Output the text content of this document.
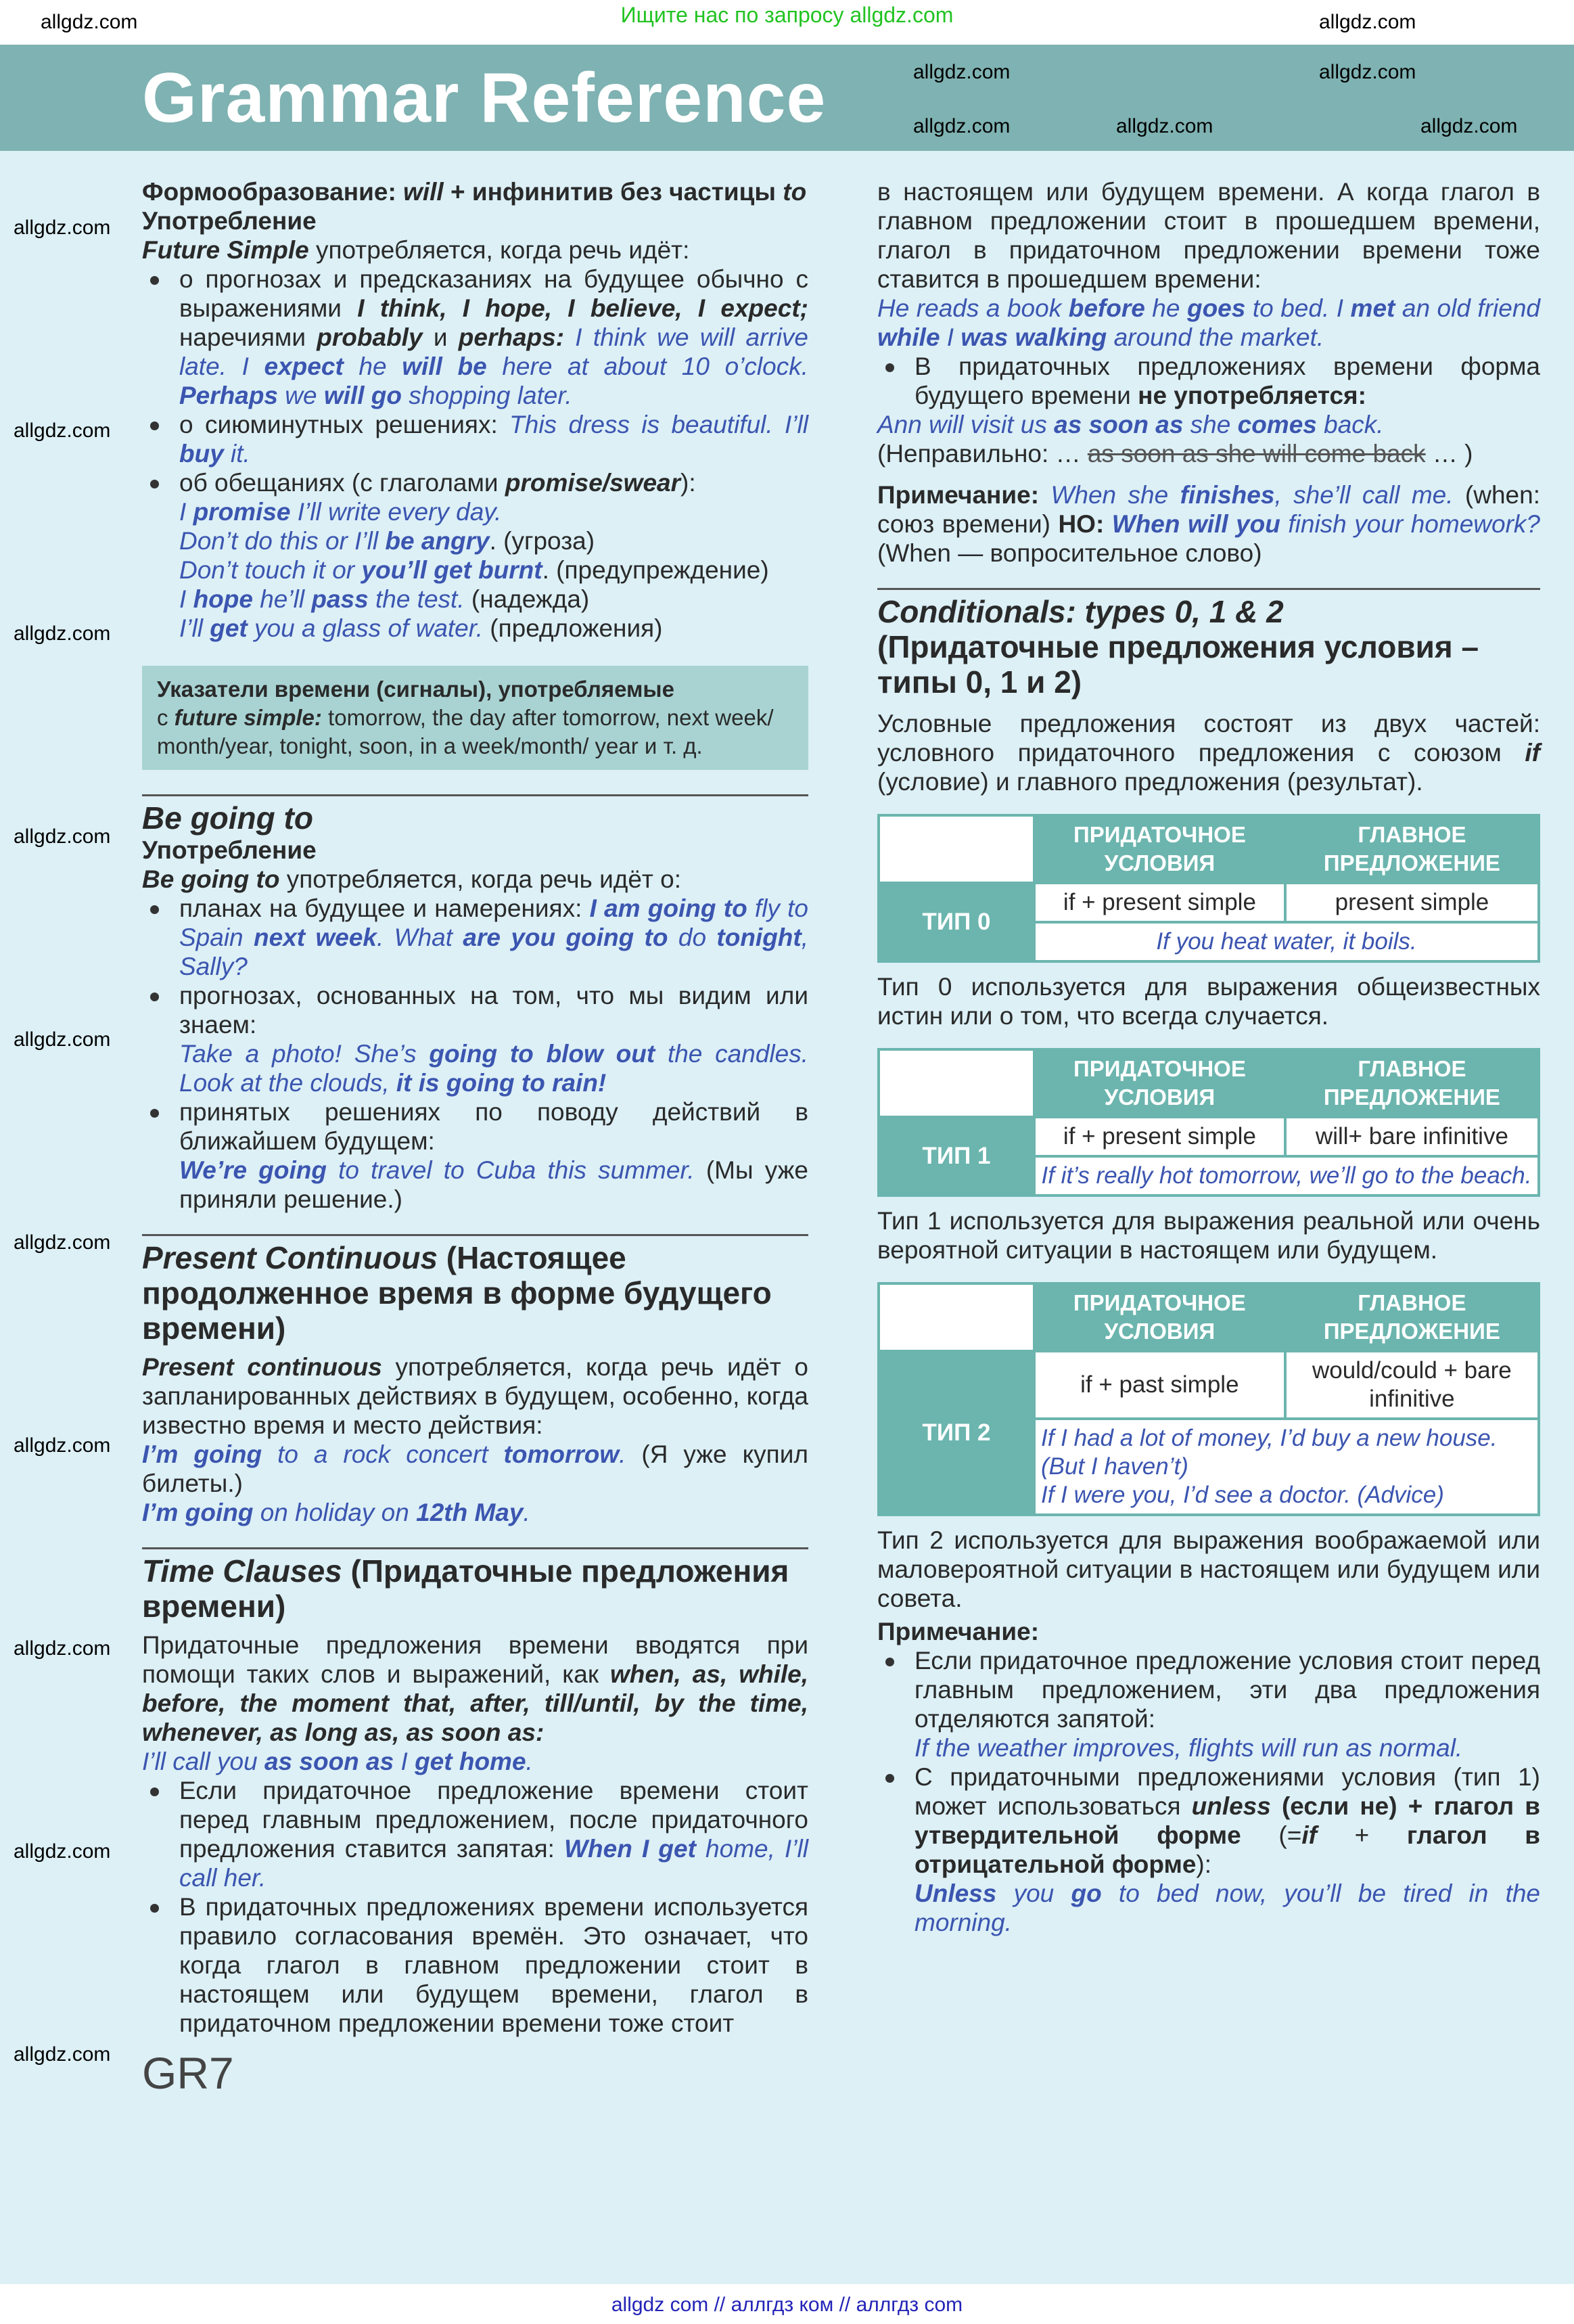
Ищите нас по запросу allgdz.com
Grammar Reference
Формообразование: will + инфинитив без частицы to
Употребление
Future Simple употребляется, когда речь идёт:
о прогнозах и предсказаниях на будущее обычно с выражениями I think, I hope, I believe, I expect; наречиями probably и perhaps: I think we will arrive late. I expect he will be here at about 10 o’clock. Perhaps we will go shopping later.
о сиюминутных решениях: This dress is beautiful. I’ll buy it.
об обещаниях (с глаголами promise/swear):
I promise I’ll write every day.
Don’t do this or I’ll be angry. (угроза)
Don’t touch it or you’ll get burnt. (предупреждение)
I hope he’ll pass the test. (надежда)
I’ll get you a glass of water. (предложения)
Указатели времени (сигналы), употребляемые
с future simple: tomorrow, the day after tomorrow, next week/ month/year, tonight, soon, in a week/month/ year и т. д.
Be going to
Употребление
Be going to употребляется, когда речь идёт о:
планах на будущее и намерениях: I am going to fly to Spain next week. What are you going to do tonight, Sally?
прогнозах, основанных на том, что мы видим или знаем:
Take a photo! She’s going to blow out the candles. Look at the clouds, it is going to rain!
принятых решениях по поводу действий в ближайшем будущем:
We’re going to travel to Cuba this summer. (Мы уже приняли решение.)
Present Continuous (Настоящее продолженное время в форме будущего времени)
Present continuous употребляется, когда речь идёт о запланированных действиях в будущем, особенно, когда известно время и место действия:
I’m going to a rock concert tomorrow. (Я уже купил билеты.)
I’m going on holiday on 12th May.
Time Clauses (Придаточные предложения времени)
Придаточные предложения времени вводятся при помощи таких слов и выражений, как when, as, while, before, the moment that, after, till/until, by the time, whenever, as long as, as soon as:
I’ll call you as soon as I get home.
Если придаточное предложение времени стоит перед главным предложением, после придаточного предложения ставится запятая: When I get home, I’ll call her.
В придаточных предложениях времени используется правило согласования времён. Это означает, что когда глагол в главном предложении стоит в настоящем или будущем времени, глагол в придаточном предложении времени тоже стоит
GR7
в настоящем или будущем времени. А когда глагол в главном предложении стоит в прошедшем времени, глагол в придаточном предложении времени тоже ставится в прошедшем времени:
He reads a book before he goes to bed. I met an old friend while I was walking around the market.
В придаточных предложениях времени форма будущего времени не употребляется:
Ann will visit us as soon as she comes back.
(Неправильно: … as soon as she will come back … )
Примечание: When she finishes, she’ll call me. (when: союз времени) НО: When will you finish your homework? (When — вопросительное слово)
Conditionals: types 0, 1 & 2
(Придаточные предложения условия – типы 0, 1 и 2)
Условные предложения состоят из двух частей: условного придаточного предложения с союзом if (условие) и главного предложения (результат).
	ПРИДАТОЧНОЕ УСЛОВИЯ	ГЛАВНОЕ ПРЕДЛОЖЕНИЕ
ТИП 0	if + present simple	present simple
	If you heat water, it boils.	
Тип 0 используется для выражения общеизвестных истин или о том, что всегда случается.
	ПРИДАТОЧНОЕ УСЛОВИЯ	ГЛАВНОЕ ПРЕДЛОЖЕНИЕ
ТИП 1	if + present simple	will+ bare infinitive
	If it’s really hot tomorrow, we’ll go to the beach.	
Тип 1 используется для выражения реальной или очень вероятной ситуации в настоящем или будущем.
	ПРИДАТОЧНОЕ УСЛОВИЯ	ГЛАВНОЕ ПРЕДЛОЖЕНИЕ
ТИП 2	if + past simple	would/could + bare infinitive
	If I had a lot of money, I’d buy a new house.
(But I haven’t)
If I were you, I’d see a doctor. (Advice)	
Тип 2 используется для выражения воображаемой или маловероятной ситуации в настоящем или будущем или совета.
Примечание:
Если придаточное предложение условия стоит перед главным предложением, эти два предложения отделяются запятой:
If the weather improves, flights will run as normal.
С придаточными предложениями условия (тип 1) может использоваться unless (если не) + глагол в утвердительной форме (=if + глагол в отрицательной форме):
Unless you go to bed now, you’ll be tired in the morning.
allgdz.com	allgdz.com
allgdz.com
allgdz.com
allgdz.com
allgdz.com
allgdz.com
allgdz.com
allgdz.com
allgdz.com
allgdz.com
allgdz.com
allgdz.com
allgdz.com
allgdz.com
allgdz.com
allgdz.com
allgdz com // аллгдз ком // аллгдз com
